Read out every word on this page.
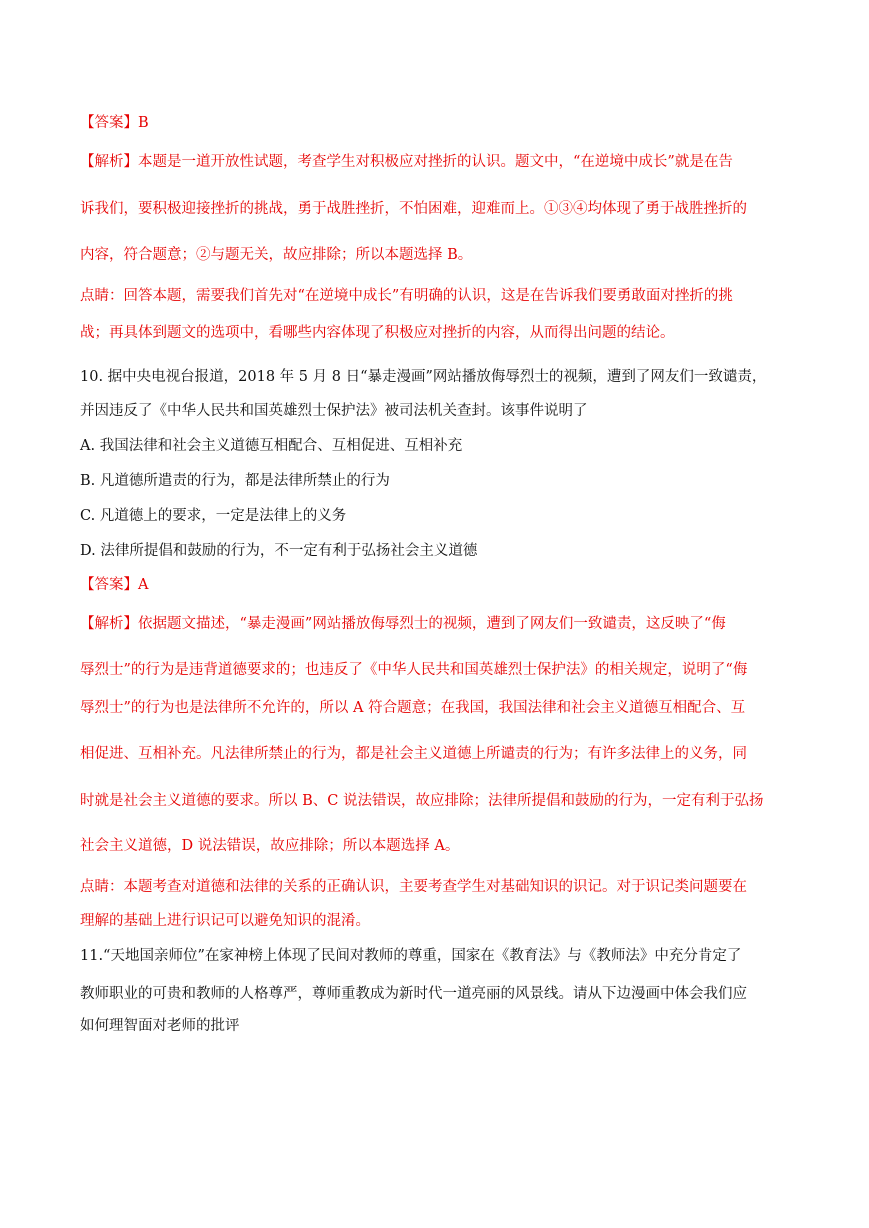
【答案】B
【解析】本题是一道开放性试题，考查学生对积极应对挫折的认识。题文中，“在逆境中成长”就是在告
诉我们，要积极迎接挫折的挑战，勇于战胜挫折，不怕困难，迎难而上。①③④均体现了勇于战胜挫折的
内容，符合题意；②与题无关，故应排除；所以本题选择 B。
点睛：回答本题，需要我们首先对“在逆境中成长”有明确的认识，这是在告诉我们要勇敢面对挫折的挑
战；再具体到题文的选项中，看哪些内容体现了积极应对挫折的内容，从而得出问题的结论。
10. 据中央电视台报道，2018 年 5 月 8 日“暴走漫画”网站播放侮辱烈士的视频，遭到了网友们一致谴责，
并因违反了《中华人民共和国英雄烈士保护法》被司法机关查封。该事件说明了
A. 我国法律和社会主义道德互相配合、互相促进、互相补充
B. 凡道德所遣责的行为，都是法律所禁止的行为
C. 凡道德上的要求，一定是法律上的义务
D. 法律所提倡和鼓励的行为，不一定有利于弘扬社会主义道德
【答案】A
【解析】依据题文描述，“暴走漫画”网站播放侮辱烈士的视频，遭到了网友们一致谴责，这反映了“侮
辱烈士”的行为是违背道德要求的；也违反了《中华人民共和国英雄烈士保护法》的相关规定，说明了“侮
辱烈士”的行为也是法律所不允许的，所以 A 符合题意；在我国，我国法律和社会主义道德互相配合、互
相促进、互相补充。凡法律所禁止的行为，都是社会主义道德上所谴责的行为；有许多法律上的义务，同
时就是社会主义道德的要求。所以 B、C 说法错误，故应排除；法律所提倡和鼓励的行为，一定有利于弘扬
社会主义道德，D 说法错误，故应排除；所以本题选择 A。
点睛：本题考查对道德和法律的关系的正确认识，主要考查学生对基础知识的识记。对于识记类问题要在
理解的基础上进行识记可以避免知识的混淆。
11.“天地国亲师位”在家神榜上体现了民间对教师的尊重，国家在《教育法》与《教师法》中充分肯定了
教师职业的可贵和教师的人格尊严，尊师重教成为新时代一道亮丽的风景线。请从下边漫画中体会我们应
如何理智面对老师的批评
